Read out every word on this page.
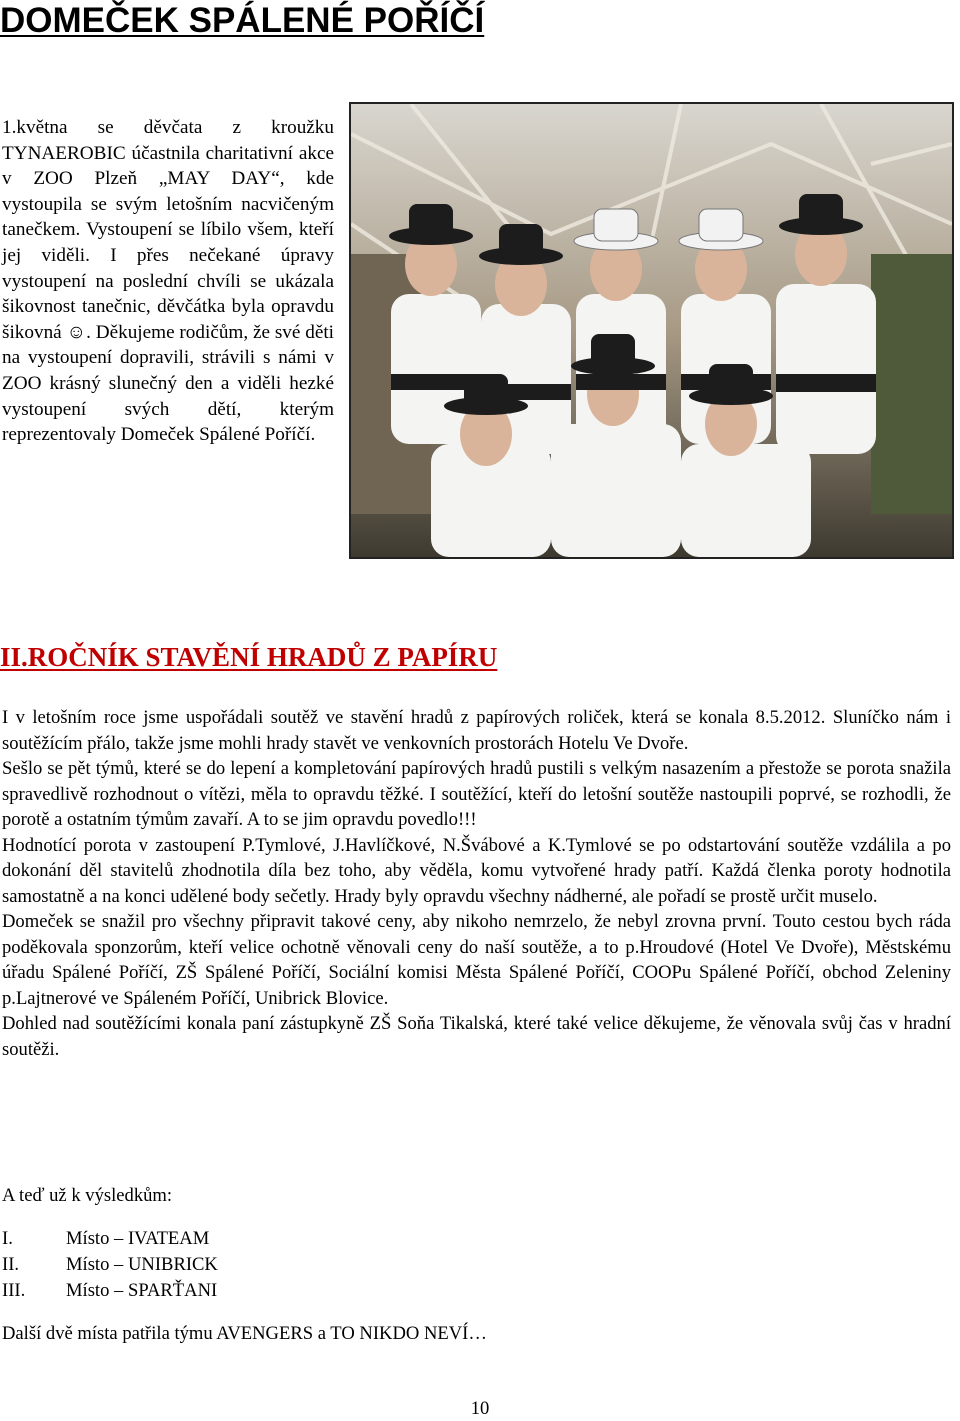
DOMEČEK SPÁLENÉ POŘÍČÍ

1.května se děvčata z kroužku TYNAEROBIC účastnila charitativní akce v ZOO Plzeň „MAY DAY“, kde vystoupila se svým letošním nacvičeným tanečkem. Vystoupení se líbilo všem, kteří jej viděli. I přes nečekané úpravy vystoupení na poslední chvíli se ukázala šikovnost tanečnic, děvčátka byla opravdu šikovná ☺. Děkujeme rodičům, že své děti na vystoupení dopravili, strávili s námi v ZOO krásný slunečný den a viděli hezké vystoupení svých dětí, kterým reprezentovaly Domeček Spálené Poříčí.

II.ROČNÍK STAVĚNÍ HRADŮ Z PAPÍRU

I v letošním roce jsme uspořádali soutěž ve stavění hradů z papírových roliček, která se konala 8.5.2012. Sluníčko nám i soutěžícím přálo, takže jsme mohli hrady stavět ve venkovních prostorách Hotelu Ve Dvoře.

Sešlo se pět týmů, které se do lepení a kompletování papírových hradů pustili s velkým nasazením a přestože se porota snažila spravedlivě rozhodnout o vítězi, měla to opravdu těžké. I soutěžící, kteří do letošní soutěže nastoupili poprvé, se rozhodli, že porotě a ostatním týmům zavaří. A to se jim opravdu povedlo!!!

Hodnotící porota v zastoupení P.Tymlové, J.Havlíčkové, N.Švábové a K.Tymlové se po odstartování soutěže vzdálila a po dokonání děl stavitelů zhodnotila díla bez toho, aby věděla, komu vytvořené hrady patří. Každá členka poroty hodnotila samostatně a na konci udělené body sečetly. Hrady byly opravdu všechny nádherné, ale pořadí se prostě určit muselo.

Domeček se snažil pro všechny připravit takové ceny, aby nikoho nemrzelo, že nebyl zrovna první. Touto cestou bych ráda poděkovala sponzorům, kteří velice ochotně věnovali ceny do naší soutěže, a to p.Hroudové (Hotel Ve Dvoře), Městskému úřadu Spálené Poříčí, ZŠ Spálené Poříčí, Sociální komisi Města Spálené Poříčí, COOPu Spálené Poříčí, obchod Zeleniny p.Lajtnerové ve Spáleném Poříčí, Unibrick Blovice.

Dohled nad soutěžícími konala paní zástupkyně ZŠ Soňa Tikalská, které také velice děkujeme, že věnovala svůj čas v hradní soutěži.

A teď už k výsledkům:

I.	Místo – IVATEAM
II.	Místo – UNIBRICK
III. Místo – SPARŤANI

Další dvě místa patřila týmu AVENGERS a TO NIKDO NEVÍ…

10
